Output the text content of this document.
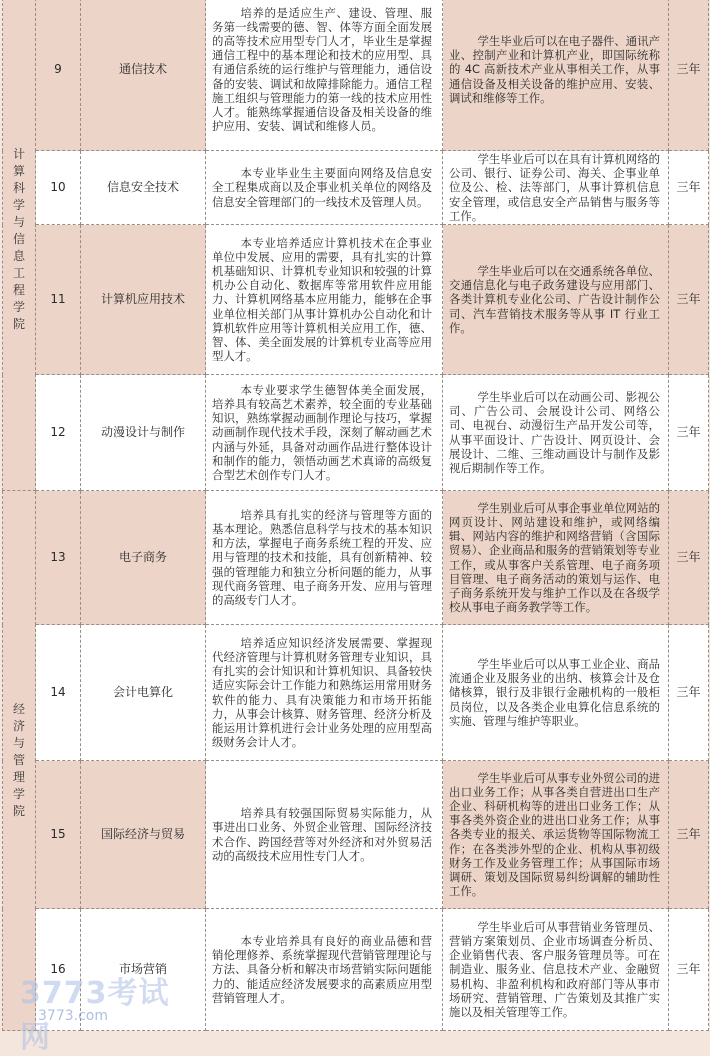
计算科学与信息工程学院	9	通信技术	培养的是适应生产、建设、管理、服务第一线需要的德、智、体等方面全面发展的高等技术应用型专门人才，毕业生是掌握通信工程中的基本理论和技术的应用型、具有通信系统的运行维护与管理能力，通信设备的安装、调试和故障排除能力。通信工程施工组织与管理能力的第一线的技术应用性人才。能熟练掌握通信设备及相关设备的维护应用、安装、调试和维修人员。	学生毕业后可以在电子器件、通讯产业、控制产业和计算机产业，即国际统称的 4C 高新技术产业从事相关工作，从事通信设备及相关设备的维护应用、安装、调试和维修等工作。	三年
	10	信息安全技术	本专业毕业生主要面向网络及信息安全工程集成商以及企事业机关单位的网络及信息安全管理部门的一线技术及管理人员。	学生毕业后可以在具有计算机网络的公司、银行、证券公司、海关、企事业单位及公、检、法等部门，从事计算机信息安全管理，或信息安全产品销售与服务等工作。	三年
	11	计算机应用技术	本专业培养适应计算机技术在企事业单位中发展、应用的需要，具有扎实的计算机基础知识、计算机专业知识和较强的计算机办公自动化、数据库等常用软件应用能力、计算机网络基本应用能力，能够在企事业单位相关部门从事计算机办公自动化和计算机软件应用等计算机相关应用工作，德、智、体、美全面发展的计算机专业高等应用型人才。	学生毕业后可以在交通系统各单位、交通信息化与电子政务建设与应用部门、各类计算机专业化公司、广告设计制作公司、汽车营销技术服务等从事 IT 行业工作。	三年
	12	动漫设计与制作	本专业要求学生德智体美全面发展，培养具有较高艺术素养，较全面的专业基础知识，熟练掌握动画制作理论与技巧，掌握动画制作现代技术手段，深刻了解动画艺术内涵与外延，具备对动画作品进行整体设计和制作的能力，领悟动画艺术真谛的高级复合型艺术创作专门人才。	学生毕业后可以在动画公司、影视公司、广告公司、会展设计公司、网络公司、电视台、动漫衍生产品开发公司等，从事平面设计、广告设计、网页设计、会展设计、二维、三维动画设计与制作及影视后期制作等工作。	三年

经济与管理学院	13	电子商务	培养具有扎实的经济与管理等方面的基本理论。熟悉信息科学与技术的基本知识和方法，掌握电子商务系统工程的开发、应用与管理的技术和技能，具有创新精神、较强的管理能力和独立分析问题的能力，从事现代商务管理、电子商务开发、应用与管理的高级专门人才。	学生别业后可从事企事业单位网站的网页设计、网站建设和维护，或网络编辑、网站内容的维护和网络营销（含国际贸易）、企业商品和服务的营销策划等专业工作，或从事客户关系管理、电子商务项目管理、电子商务活动的策划与运作、电子商务系统开发与维护工作以及在各级学校从事电子商务教学等工作。	三年
	14	会计电算化	培养适应知识经济发展需要、掌握现代经济管理与计算机财务管理专业知识，具有扎实的会计知识和计算机知识、具备较快适应实际会计工作能力和熟练运用常用财务软件的能力、具有决策能力和市场开拓能力，从事会计核算、财务管理、经济分析及能运用计算机进行会计业务处理的应用型高级财务会计人才。	学生毕业后可以从事工业企业、商品流通企业及服务业的出纳、核算会计及仓储核算，银行及非银行金融机构的一般柜员岗位，以及各类企业电算化信息系统的实施、管理与维护等职业。	三年
	15	国际经济与贸易	培养具有较强国际贸易实际能力，从事进出口业务、外贸企业管理、国际经济技术合作、跨国经营等对外经济和对外贸易活动的高级技术应用性专门人才。	学生毕业后可从事专业外贸公司的进出口业务工作；从事各类自营进出口生产企业、科研机构等的进出口业务工作；从事各类外资企业的进出口业务工作；从事各类专业的报关、承运货物等国际物流工作；在各类涉外型的企业、机构从事初级财务工作及业务管理工作；从事国际市场调研、策划及国际贸易纠纷调解的辅助性工作。	三年
	16	市场营销	本专业培养具有良好的商业品德和营销伦理修养、系统掌握现代营销管理理论与方法、具备分析和解决市场营销实际问题能力的、能适应经济发展要求的高素质应用型营销管理人才。	学生毕业后可从事营销业务管理员、营销方案策划员、企业市场调查分析员、企业销售代表、客户服务管理员等。可在制造业、服务业、信息技术产业、金融贸易机构、非盈利机构和政府部门等从事市场研究、营销管理、广告策划及其推广实施以及相关管理等工作。	三年
3773考试网
3773.com
